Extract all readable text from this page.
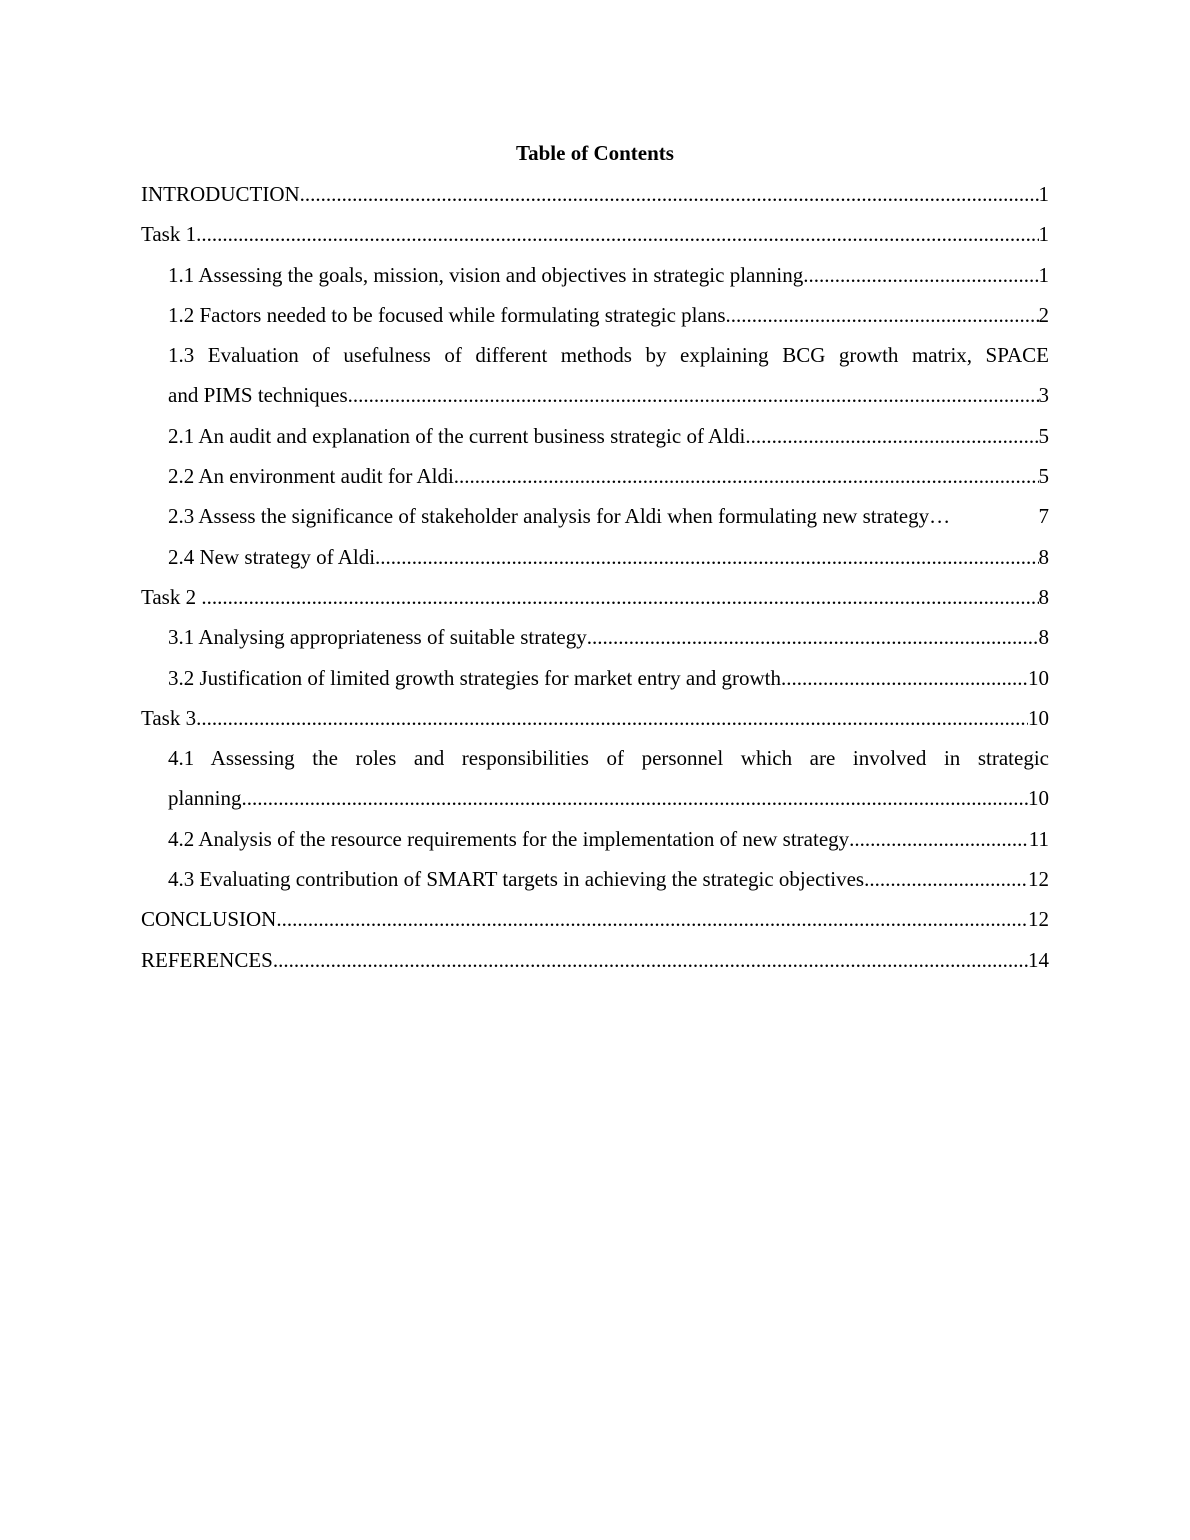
Table of Contents
INTRODUCTION .....	1
Task 1 .....	1
1.1 Assessing the goals, mission, vision and objectives in strategic planning .....	1
1.2 Factors needed to be focused while formulating strategic plans .....	2
1.3 Evaluation of usefulness of different methods by explaining BCG growth matrix, SPACE
and PIMS techniques .....	3
2.1 An audit and explanation of the current business strategic of Aldi .....	5
2.2 An environment audit for Aldi .....	5
2.3 Assess the significance of stakeholder analysis for Aldi when formulating new strategy …	7
2.4 New strategy of Aldi .....	8
Task 2 .....	8
3.1 Analysing appropriateness of suitable strategy .....	8
3.2 Justification of limited growth strategies for market entry and growth .....	10
Task 3 .....	10
4.1 Assessing the roles and responsibilities of personnel which are involved in strategic
planning .....	10
4.2 Analysis of the resource requirements for the implementation of new strategy .....	11
4.3 Evaluating contribution of SMART targets in achieving the strategic objectives .....	12
CONCLUSION .....	12
REFERENCES .....	14
